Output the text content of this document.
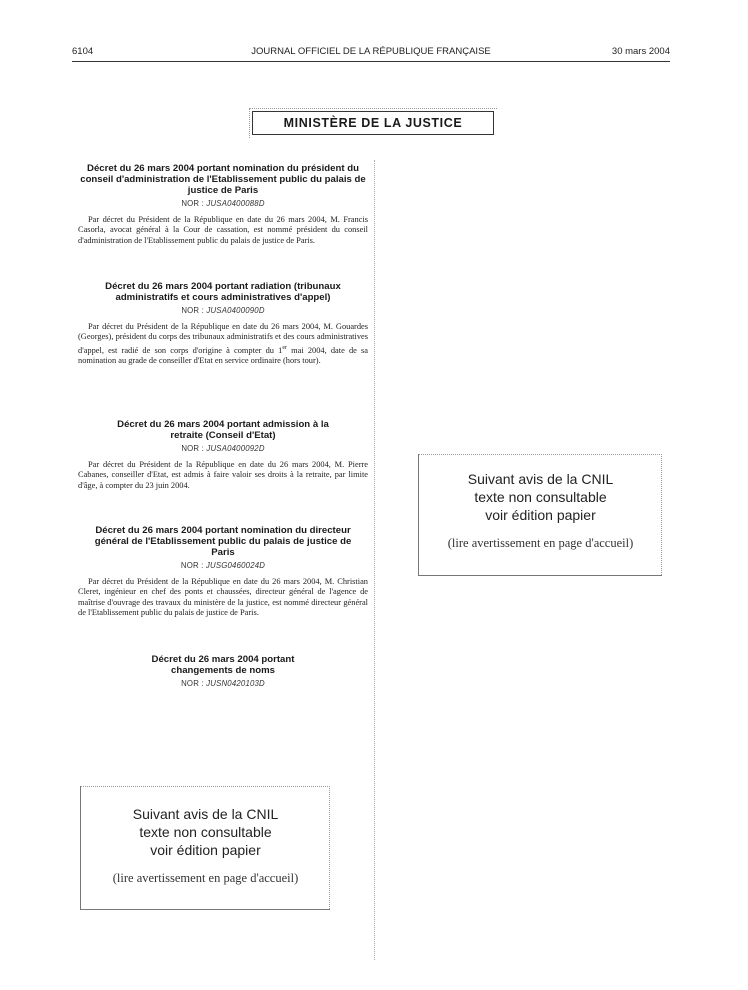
6104	JOURNAL OFFICIEL DE LA RÉPUBLIQUE FRANÇAISE	30 mars 2004
MINISTÈRE DE LA JUSTICE

Décret du 26 mars 2004 portant nomination du président du conseil d'administration de l'Etablissement public du palais de justice de Paris

NOR : JUSA0400088D
Par décret du Président de la République en date du 26 mars 2004, M. Francis Casorla, avocat général à la Cour de cassation, est nommé président du conseil d'administration de l'Etablissement public du palais de justice de Paris.

Décret du 26 mars 2004 portant radiation (tribunaux administratifs et cours administratives d'appel)

NOR : JUSA0400090D
Par décret du Président de la République en date du 26 mars 2004, M. Gouardes (Georges), président du corps des tribunaux administratifs et des cours administratives d'appel, est radié de son corps d'origine à compter du 1er mai 2004, date de sa nomination au grade de conseiller d'Etat en service ordinaire (hors tour).

Décret du 26 mars 2004 portant admission à la retraite (Conseil d'Etat)

NOR : JUSA0400092D
Par décret du Président de la République en date du 26 mars 2004, M. Pierre Cabanes, conseiller d'Etat, est admis à faire valoir ses droits à la retraite, par limite d'âge, à compter du 23 juin 2004.

Décret du 26 mars 2004 portant nomination du directeur général de l'Etablissement public du palais de justice de Paris

NOR : JUSG0460024D
Par décret du Président de la République en date du 26 mars 2004, M. Christian Cleret, ingénieur en chef des ponts et chaussées, directeur général de l'agence de maîtrise d'ouvrage des travaux du ministère de la justice, est nommé directeur général de l'Etablissement public du palais de justice de Paris.

Décret du 26 mars 2004 portant changements de noms

NOR : JUSN0420103D
Suivant avis de la CNIL
texte non consultable
voir édition papier
(lire avertissement en page d'accueil)
Suivant avis de la CNIL
texte non consultable
voir édition papier
(lire avertissement en page d'accueil)
